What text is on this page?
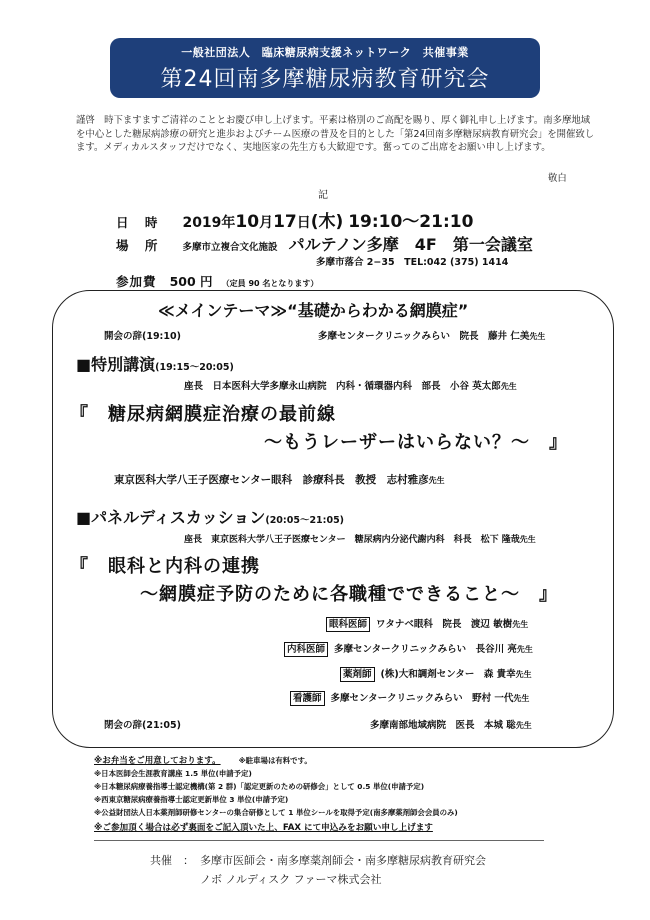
一般社団法人　臨床糖尿病支援ネットワーク　共催事業
第24回南多摩糖尿病教育研究会
謹啓　時下ますますご清祥のこととお慶び申し上げます。平素は格別のご高配を賜り、厚く御礼申し上げます。南多摩地域を中心とした糖尿病診療の研究と進歩およびチーム医療の普及を目的とした「第24回南多摩糖尿病教育研究会」を開催致します。メディカルスタッフだけでなく、実地医家の先生方も大歓迎です。奮ってのご出席をお願い申し上げます。
敬白
記
日 時 2019年10月17日(木) 19:10〜21:10
場 所 多摩市立複合文化施設 パルテノン多摩　4F　第一会議室
多摩市落合 2−35　TEL:042 (375) 1414
参加費 500 円 （定員 90 名となります）
≪メインテーマ≫“基礎からわかる網膜症”
開会の辞(19:10)	多摩センタークリニックみらい　院長　藤井 仁美先生
■特別講演(19:15〜20:05)
座長　日本医科大学多摩永山病院　内科・循環器内科　部長　小谷 英太郎先生
『　糖尿病網膜症治療の最前線
〜もうレーザーはいらない？〜　』
東京医科大学八王子医療センター眼科　診療科長　教授　志村雅彦先生
■パネルディスカッション(20:05〜21:05)
座長　東京医科大学八王子医療センター　糖尿病内分泌代謝内科　科長　松下 隆哉先生
『　眼科と内科の連携
〜網膜症予防のために各職種でできること〜　』
眼科医師 ワタナベ眼科　院長　渡辺 敏樹先生
内科医師 多摩センタークリニックみらい　長谷川 亮先生
薬剤師 (株)大和調剤センター　森 貴幸先生
看護師 多摩センタークリニックみらい　野村 一代先生
閉会の辞(21:05)	多摩南部地域病院　医長　本城 聡先生
※お弁当をご用意しております。 ※駐車場は有料です。
※日本医師会生涯教育講座 1.5 単位(申請予定)
※日本糖尿病療養指導士認定機構(第 2 群)「認定更新のための研修会」として 0.5 単位(申請予定)
※西東京糖尿病療養指導士認定更新単位 3 単位(申請予定)
※公益財団法人日本薬剤師研修センターの集合研修として 1 単位シールを取得予定(南多摩薬剤師会会員のみ)
※ご参加頂く場合は必ず裏面をご記入頂いた上、FAX にて申込みをお願い申し上げます
共催　： 多摩市医師会・南多摩薬剤師会・南多摩糖尿病教育研究会
ノボ ノルディスク ファーマ株式会社
